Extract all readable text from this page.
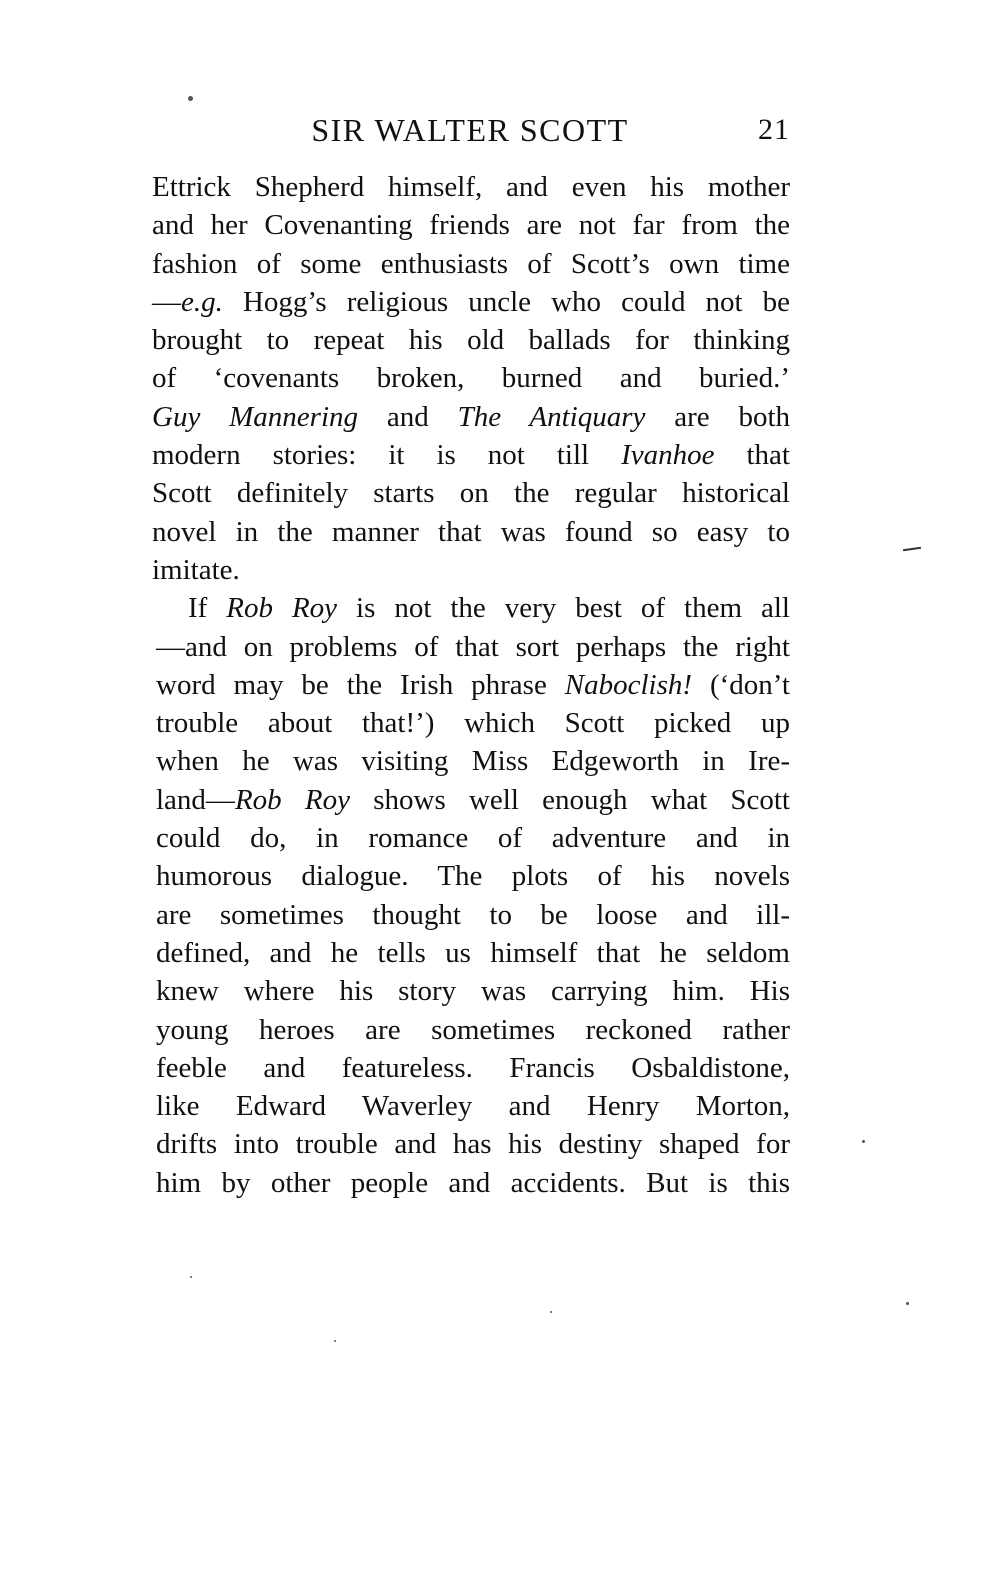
SIR WALTER SCOTT	21
Ettrick Shepherd himself, and even his mother
and her Covenanting friends are not far from the
fashion of some enthusiasts of Scott’s own time
—e.g. Hogg’s religious uncle who could not be
brought to repeat his old ballads for thinking
of ‘covenants broken, burned and buried.’
Guy Mannering and The Antiquary are both
modern stories: it is not till Ivanhoe that
Scott definitely starts on the regular historical
novel in the manner that was found so easy to
imitate.
If Rob Roy is not the very best of them all
—and on problems of that sort perhaps the right
word may be the Irish phrase Naboclish! (‘don’t
trouble about that!’) which Scott picked up
when he was visiting Miss Edgeworth in Ire-
land—Rob Roy shows well enough what Scott
could do, in romance of adventure and in
humorous dialogue. The plots of his novels
are sometimes thought to be loose and ill-
defined, and he tells us himself that he seldom
knew where his story was carrying him. His
young heroes are sometimes reckoned rather
feeble and featureless. Francis Osbaldistone,
like Edward Waverley and Henry Morton,
drifts into trouble and has his destiny shaped for
him by other people and accidents. But is this
